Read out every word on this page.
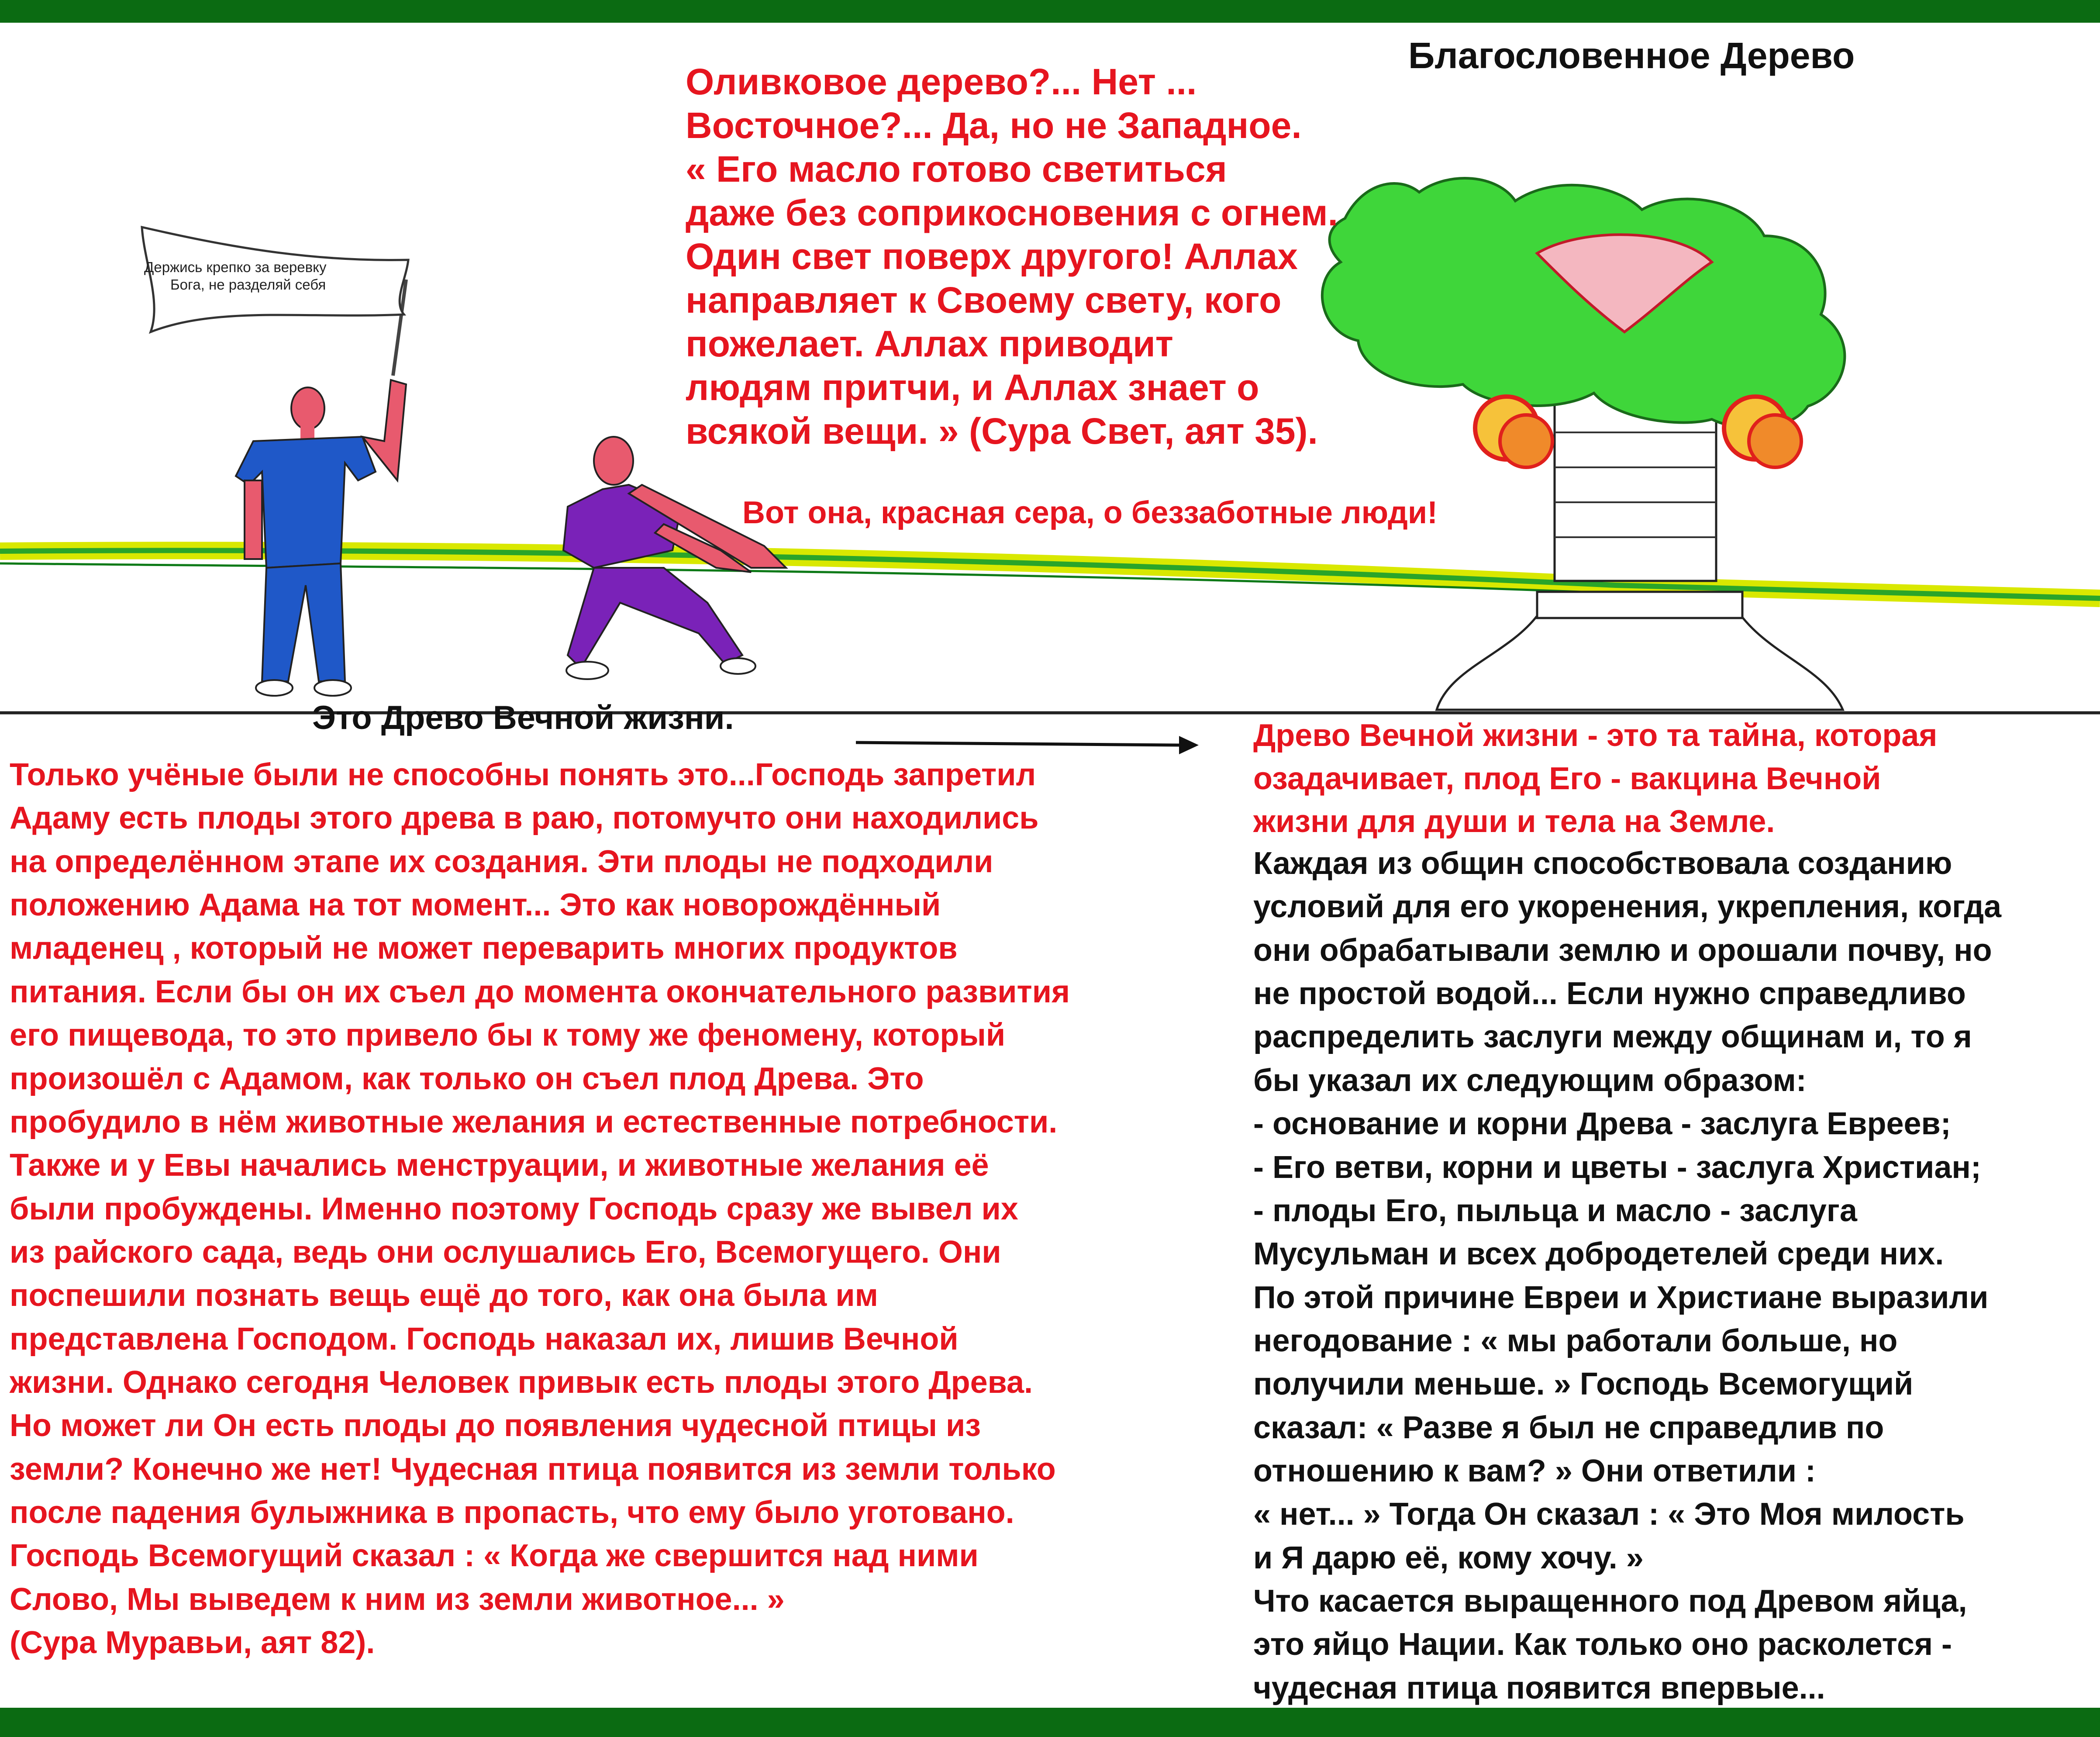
Держись крепко за веревку
Бога, не разделяй себя
Благословенное Дерево
Оливковое дерево?... Нет ...
Восточное?... Да, но не Западное.
« Его масло готово светиться
даже без соприкосновения с огнем.
Один свет поверх другого! Аллах
направляет к Своему свету, кого
пожелает. Аллах приводит
людям притчи, и Аллах знает о
всякой вещи. » (Сура Свет, аят 35).
Вот она, красная сера, о беззаботные люди!
Это Древо Вечной жизни.
Только учёные были не способны понять это...Господь запретил
Адаму есть плоды этого древа в раю, потомучто они находились
на определённом этапе их создания. Эти плоды не подходили
положению Адама на тот момент... Это как новорождённый
младенец , который не может переварить многих продуктов
питания. Если бы он их съел до момента окончательного развития
его пищевода, то это привело бы к тому же феномену, который
произошёл с Адамом, как только он съел плод Древа. Это
пробудило в нём животные желания и естественные потребности.
Также и у Евы начались менструации, и животные желания её
были пробуждены. Именно поэтому Господь сразу же вывел их
из райского сада, ведь они ослушались Его, Всемогущего. Они
поспешили познать вещь ещё до того, как она была им
представлена Господом. Господь наказал их, лишив Вечной
жизни. Однако сегодня Человек привык есть плоды этого Древа.
Но может ли Он есть плоды до появления чудесной птицы из
земли? Конечно же нет! Чудесная птица появится из земли только
после падения булыжника в пропасть, что ему было уготовано.
Господь Всемогущий сказал : « Когда же свершится над ними
Слово, Мы выведем к ним из земли животное... »
(Сура Муравьи, аят 82).
Древо Вечной жизни - это та тайна, которая
озадачивает, плод Его - вакцина Вечной
жизни для души и тела на Земле.
Каждая из общин способствовала созданию
условий для его укоренения, укрепления, когда
они обрабатывали землю и орошали почву, но
не простой водой... Если нужно справедливо
распределить заслуги между общинам и, то я
бы указал их следующим образом:
- основание и корни Древа - заслуга Евреев;
- Его ветви, корни и цветы - заслуга Христиан;
- плоды Его, пыльца и масло - заслуга
Мусульман и всех добродетелей среди них.
По этой причине Евреи и Христиане выразили
негодование : « мы работали больше, но
получили меньше. » Господь Всемогущий
сказал: « Разве я был не справедлив по
отношению к вам? » Они ответили :
« нет... » Тогда Он сказал : « Это Моя милость
и Я дарю её, кому хочу. »
Что касается выращенного под Древом яйца,
это яйцо Нации. Как только оно расколется -
чудесная птица появится впервые...
